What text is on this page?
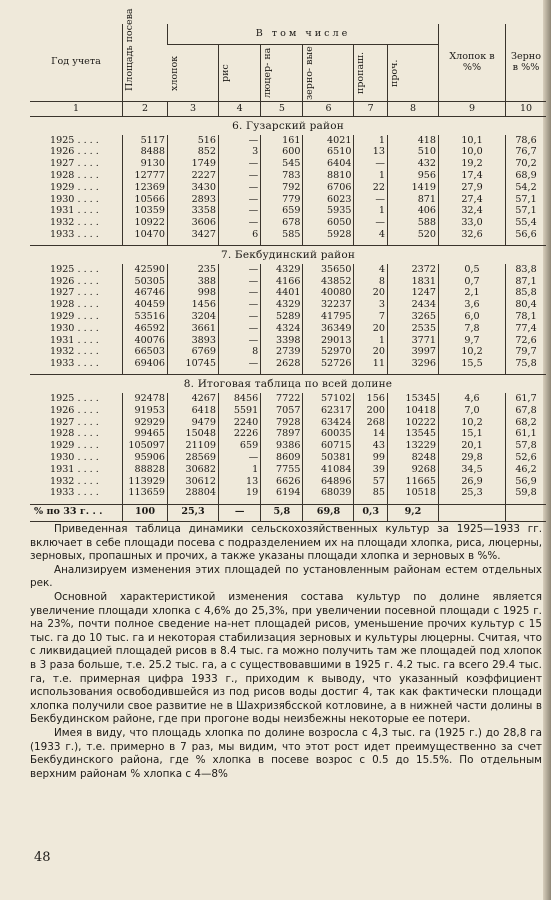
Год учета	Площадь посева	В том числе						Хлопок в %%	Зерно в %%

		хлопок	рис	люцер- на	зерно- вые	пропаш.	проч.		

1	2	3	4	5	6	7	8	9	10
6. Гузарский район									
1925 . . . .	5117	516	—	161	4021	1	418	10,1	78,6
1926 . . . .	8488	852	3	600	6510	13	510	10,0	76,7
1927 . . . .	9130	1749	—	545	6404	—	432	19,2	70,2
1928 . . . .	12777	2227	—	783	8810	1	956	17,4	68,9
1929 . . . .	12369	3430	—	792	6706	22	1419	27,9	54,2
1930 . . . .	10566	2893	—	779	6023	—	871	27,4	57,1
1931 . . . .	10359	3358	—	659	5935	1	406	32,4	57,1
1932 . . . .	10922	3606	—	678	6050	—	588	33,0	55,4
1933 . . . .	10470	3427	6	585	5928	4	520	32,6	56,6

7. Бекбудинский район									
1925 . . . .	42590	235	—	4329	35650	4	2372	0,5	83,8
1926 . . . .	50305	388	—	4166	43852	8	1831	0,7	87,1
1927 . . . .	46746	998	—	4401	40080	20	1247	2,1	85,8
1928 . . . .	40459	1456	—	4329	32237	3	2434	3,6	80,4
1929 . . . .	53516	3204	—	5289	41795	7	3265	6,0	78,1
1930 . . . .	46592	3661	—	4324	36349	20	2535	7,8	77,4
1931 . . . .	40076	3893	—	3398	29013	1	3771	9,7	72,6
1932 . . . .	66503	6769	8	2739	52970	20	3997	10,2	79,7
1933 . . . .	69406	10745	—	2628	52726	11	3296	15,5	75,8

8. Итоговая таблица по всей долине									
1925 . . . .	92478	4267	8456	7722	57102	156	15345	4,6	61,7
1926 . . . .	91953	6418	5591	7057	62317	200	10418	7,0	67,8
1927 . . . .	92929	9479	2240	7928	63424	268	10222	10,2	68,2
1928 . . . .	99465	15048	2226	7897	60035	14	13545	15,1	61,1
1929 . . . .	105097	21109	659	9386	60715	43	13229	20,1	57,8
1930 . . . .	95906	28569	—	8609	50381	99	8248	29,8	52,6
1931 . . . .	88828	30682	1	7755	41084	39	9268	34,5	46,2
1932 . . . .	113929	30612	13	6626	64896	57	11665	26,9	56,9
1933 . . . .	113659	28804	19	6194	68039	85	10518	25,3	59,8

% по 33 г. . .	100	25,3	—	5,8	69,8	0,3	9,2		

Приведенная таблица динамики сельскохозяйственных культур за 1925—1933 гг. включает в себе площади посева с подразделением их на площади хлопка, риса, люцерны, зерновых, пропашных и прочих, а также указаны площади хлопка и зерновых в %%.

Анализируем изменения этих площадей по установленным районам естем отдельных рек.

Основной характеристикой изменения состава культур по долине является увеличение площади хлопка с 4,6% до 25,3%, при увеличении посевной площади с 1925 г. на 23%, почти полное сведение на-нет площадей рисов, уменьшение прочих культур с 15 тыс. га до 10 тыс. га и некоторая стабилизация зерновых и культуры люцерны. Считая, что с ликвидацией площадей рисов в 8.4 тыс. га можно получить там же площадей под хлопок в 3 раза больше, т.е. 25.2 тыс. га, а с существовавшими в 1925 г. 4.2 тыс. га всего 29.4 тыс. га, т.е. примерная цифра 1933 г., приходим к выводу, что указанный коэффициент использования освободившейся из под рисов воды достиг 4, так как фактически площади хлопка получили свое развитие не в Шахризябсской котловине, а в нижней части долины в Бекбудинском районе, где при прогоне воды неизбежны некоторые ее потери.

Имея в виду, что площадь хлопка по долине возросла с 4,3 тыс. га (1925 г.) до 28,8 га (1933 г.), т.е. примерно в 7 раз, мы видим, что этот рост идет преимущественно за счет Бекбудинского района, где % хлопка в посеве возрос с 0.5 до 15.5%. По отдельным верхним районам % хлопка с 4—8%

48
